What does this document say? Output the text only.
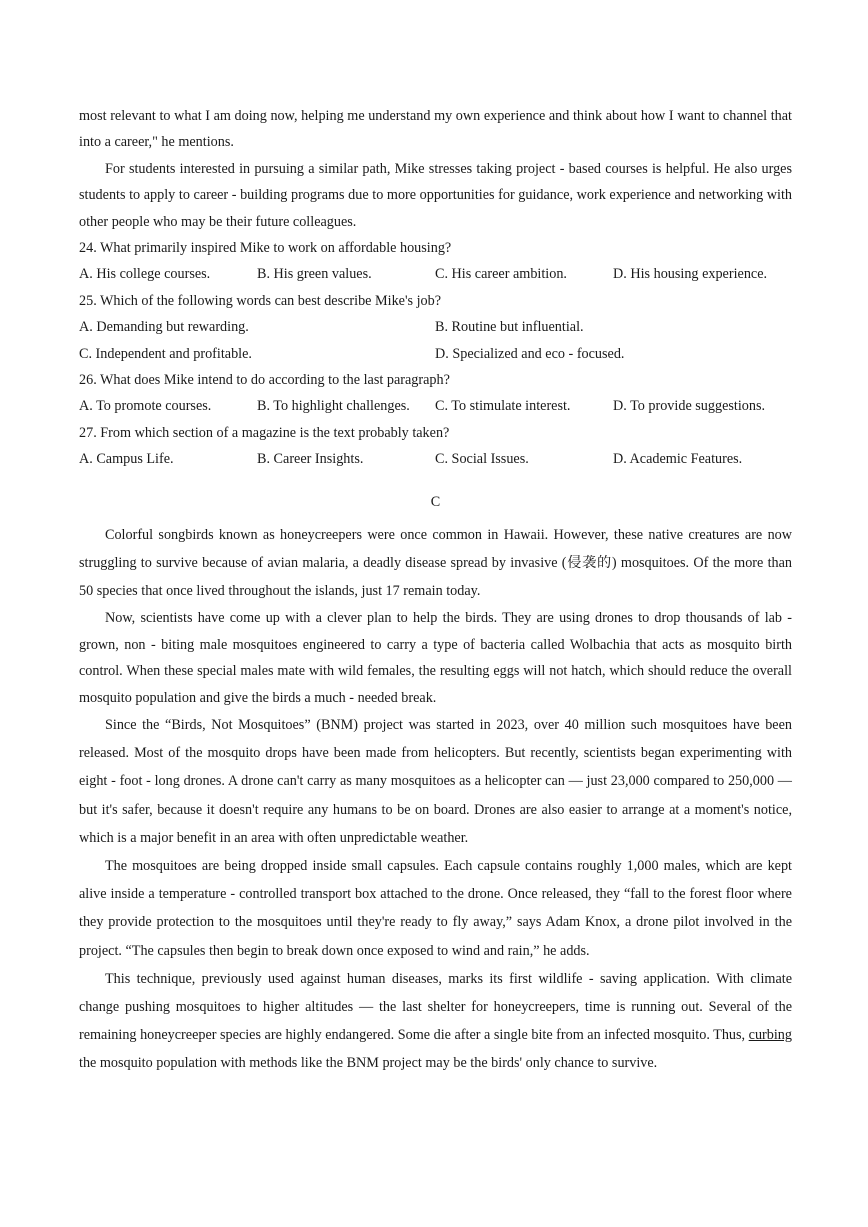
most relevant to what I am doing now, helping me understand my own experience and think about how I want to channel that into a career," he mentions.

For students interested in pursuing a similar path, Mike stresses taking project - based courses is helpful. He also urges students to apply to career - building programs due to more opportunities for guidance, work experience and networking with other people who may be their future colleagues.

24. What primarily inspired Mike to work on affordable housing?

A. His college courses.	B. His green values.	C. His career ambition.	D. His housing experience.

25. Which of the following words can best describe Mike's job?

A. Demanding but rewarding.	B. Routine but influential.
C. Independent and profitable.	D. Specialized and eco - focused.

26. What does Mike intend to do according to the last paragraph?

A. To promote courses.	B. To highlight challenges.	C. To stimulate interest.	D. To provide suggestions.

27. From which section of a magazine is the text probably taken?

A. Campus Life.	B. Career Insights.	C. Social Issues.	D. Academic Features.
C

Colorful songbirds known as honeycreepers were once common in Hawaii. However, these native creatures are now struggling to survive because of avian malaria, a deadly disease spread by invasive (侵袭的) mosquitoes. Of the more than 50 species that once lived throughout the islands, just 17 remain today.

Now, scientists have come up with a clever plan to help the birds. They are using drones to drop thousands of lab - grown, non - biting male mosquitoes engineered to carry a type of bacteria called Wolbachia that acts as mosquito birth control. When these special males mate with wild females, the resulting eggs will not hatch, which should reduce the overall mosquito population and give the birds a much - needed break.

Since the “Birds, Not Mosquitoes” (BNM) project was started in 2023, over 40 million such mosquitoes have been released. Most of the mosquito drops have been made from helicopters. But recently, scientists began experimenting with eight - foot - long drones. A drone can't carry as many mosquitoes as a helicopter can — just 23,000 compared to 250,000 — but it's safer, because it doesn't require any humans to be on board. Drones are also easier to arrange at a moment's notice, which is a major benefit in an area with often unpredictable weather.

The mosquitoes are being dropped inside small capsules. Each capsule contains roughly 1,000 males, which are kept alive inside a temperature - controlled transport box attached to the drone. Once released, they “fall to the forest floor where they provide protection to the mosquitoes until they're ready to fly away,” says Adam Knox, a drone pilot involved in the project. “The capsules then begin to break down once exposed to wind and rain,” he adds.

This technique, previously used against human diseases, marks its first wildlife - saving application. With climate change pushing mosquitoes to higher altitudes — the last shelter for honeycreepers, time is running out. Several of the remaining honeycreeper species are highly endangered. Some die after a single bite from an infected mosquito. Thus, curbing the mosquito population with methods like the BNM project may be the birds' only chance to survive.
